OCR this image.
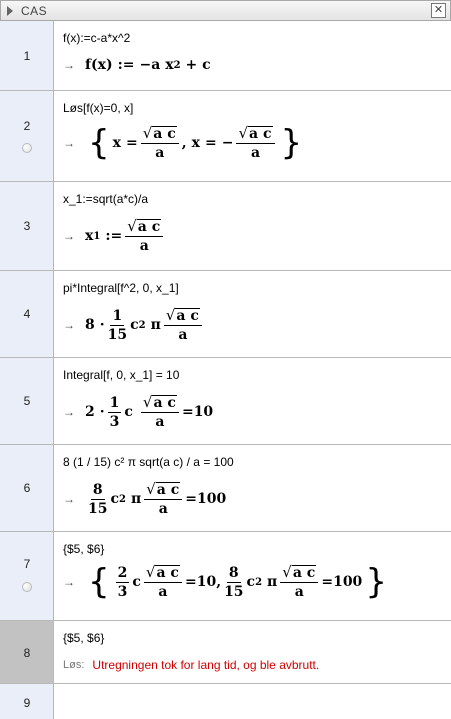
CAS	✕
1
f(x):=c-a*x^2
→ f(x) := −a x 2 + c
2
Løs[f(x)=0, x]
→ { $x = \frac{\text{√ a c}}{a}$ , x = − $\frac{\text{√ a c}}{a}$ }
3
x_1:=sqrt(a*c)/a
→ x 1 := $\frac{\text{√ a c}}{a}$
4
pi*Integral[f^2, 0, x_1]
→ $8 \cdot \frac{1}{15}$ c 2 π $\frac{\text{√ a c}}{a}$
5
Integral[f, 0, x_1] = 10
→ $2 \cdot \frac{1}{3}$ c $\frac{\text{√ a c}}{a} = 10$
6
8 (1 / 15) c² π sqrt(a c) / a = 100
→ $\frac{8}{15}$ c 2 π $\frac{\text{√ a c}}{a} = 100$
7
{$5, $6}
→ { $\frac{2}{3}$ c $\frac{\text{√ a c}}{a} = 10$ , $\frac{8}{15}$ c 2 π $\frac{\text{√ a c}}{a} = 100$ }
8
{$5, $6}
Løs: Utregningen tok for lang tid, og ble avbrutt.
9
